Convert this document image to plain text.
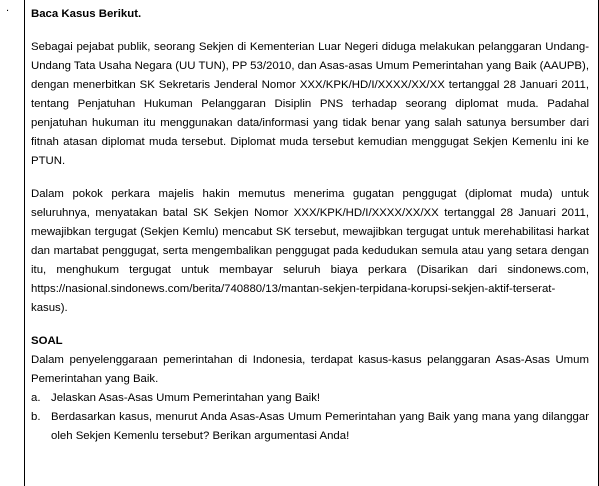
. Baca Kasus Berikut.

Sebagai pejabat publik, seorang Sekjen di Kementerian Luar Negeri diduga melakukan pelanggaran Undang-Undang Tata Usaha Negara (UU TUN), PP 53/2010, dan Asas-asas Umum Pemerintahan yang Baik (AAUPB), dengan menerbitkan SK Sekretaris Jenderal Nomor XXX/KPK/HD/I/XXXX/XX/XX tertanggal 28 Januari 2011, tentang Penjatuhan Hukuman Pelanggaran Disiplin PNS terhadap seorang diplomat muda. Padahal penjatuhan hukuman itu menggunakan data/informasi yang tidak benar yang salah satunya bersumber dari fitnah atasan diplomat muda tersebut. Diplomat muda tersebut kemudian menggugat Sekjen Kemenlu ini ke PTUN.

Dalam pokok perkara majelis hakin memutus menerima gugatan penggugat (diplomat muda) untuk seluruhnya, menyatakan batal SK Sekjen Nomor XXX/KPK/HD/I/XXXX/XX/XX tertanggal 28 Januari 2011, mewajibkan tergugat (Sekjen Kemlu) mencabut SK tersebut, mewajibkan tergugat untuk merehabilitasi harkat dan martabat penggugat, serta mengembalikan penggugat pada kedudukan semula atau yang setara dengan itu, menghukum tergugat untuk membayar seluruh biaya perkara (Disarikan dari sindonews.com, https://nasional.sindonews.com/berita/740880/13/mantan-sekjen-terpidana-korupsi-sekjen-aktif-terserat-kasus).

SOAL

Dalam penyelenggaraan pemerintahan di Indonesia, terdapat kasus-kasus pelanggaran Asas-Asas Umum Pemerintahan yang Baik.

a. Jelaskan Asas-Asas Umum Pemerintahan yang Baik!
b. Berdasarkan kasus, menurut Anda Asas-Asas Umum Pemerintahan yang Baik yang mana yang dilanggar oleh Sekjen Kemenlu tersebut? Berikan argumentasi Anda!
